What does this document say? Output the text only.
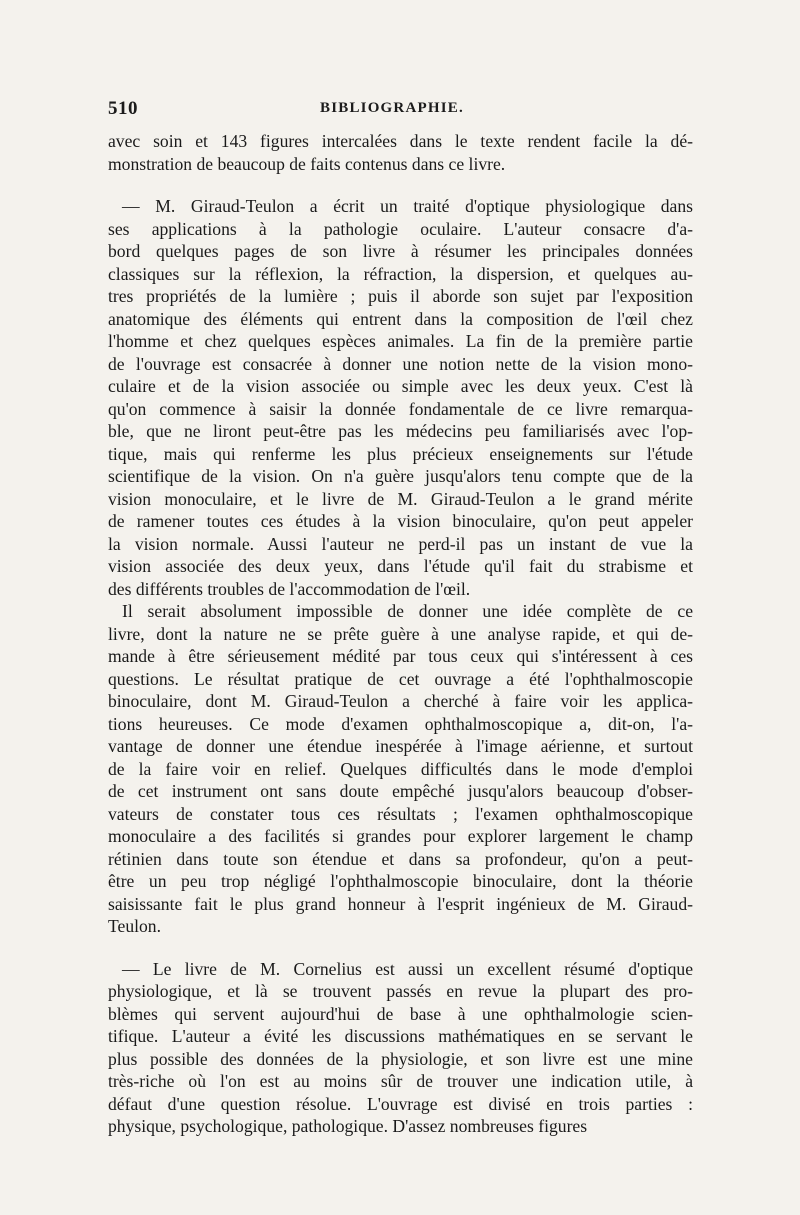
510	BIBLIOGRAPHIE.
avec soin et 143 figures intercalées dans le texte rendent facile la dé-
monstration de beaucoup de faits contenus dans ce livre.
— M. Giraud-Teulon a écrit un traité d'optique physiologique dans
ses applications à la pathologie oculaire. L'auteur consacre d'a-
bord quelques pages de son livre à résumer les principales données
classiques sur la réflexion, la réfraction, la dispersion, et quelques au-
tres propriétés de la lumière ; puis il aborde son sujet par l'exposition
anatomique des éléments qui entrent dans la composition de l'œil chez
l'homme et chez quelques espèces animales. La fin de la première partie
de l'ouvrage est consacrée à donner une notion nette de la vision mono-
culaire et de la vision associée ou simple avec les deux yeux. C'est là
qu'on commence à saisir la donnée fondamentale de ce livre remarqua-
ble, que ne liront peut-être pas les médecins peu familiarisés avec l'op-
tique, mais qui renferme les plus précieux enseignements sur l'étude
scientifique de la vision. On n'a guère jusqu'alors tenu compte que de la
vision monoculaire, et le livre de M. Giraud-Teulon a le grand mérite
de ramener toutes ces études à la vision binoculaire, qu'on peut appeler
la vision normale. Aussi l'auteur ne perd-il pas un instant de vue la
vision associée des deux yeux, dans l'étude qu'il fait du strabisme et
des différents troubles de l'accommodation de l'œil.
Il serait absolument impossible de donner une idée complète de ce
livre, dont la nature ne se prête guère à une analyse rapide, et qui de-
mande à être sérieusement médité par tous ceux qui s'intéressent à ces
questions. Le résultat pratique de cet ouvrage a été l'ophthalmoscopie
binoculaire, dont M. Giraud-Teulon a cherché à faire voir les applica-
tions heureuses. Ce mode d'examen ophthalmoscopique a, dit-on, l'a-
vantage de donner une étendue inespérée à l'image aérienne, et surtout
de la faire voir en relief. Quelques difficultés dans le mode d'emploi
de cet instrument ont sans doute empêché jusqu'alors beaucoup d'obser-
vateurs de constater tous ces résultats ; l'examen ophthalmoscopique
monoculaire a des facilités si grandes pour explorer largement le champ
rétinien dans toute son étendue et dans sa profondeur, qu'on a peut-
être un peu trop négligé l'ophthalmoscopie binoculaire, dont la théorie
saisissante fait le plus grand honneur à l'esprit ingénieux de M. Giraud-
Teulon.
— Le livre de M. Cornelius est aussi un excellent résumé d'optique
physiologique, et là se trouvent passés en revue la plupart des pro-
blèmes qui servent aujourd'hui de base à une ophthalmologie scien-
tifique. L'auteur a évité les discussions mathématiques en se servant le
plus possible des données de la physiologie, et son livre est une mine
très-riche où l'on est au moins sûr de trouver une indication utile, à
défaut d'une question résolue. L'ouvrage est divisé en trois parties :
physique, psychologique, pathologique. D'assez nombreuses figures
